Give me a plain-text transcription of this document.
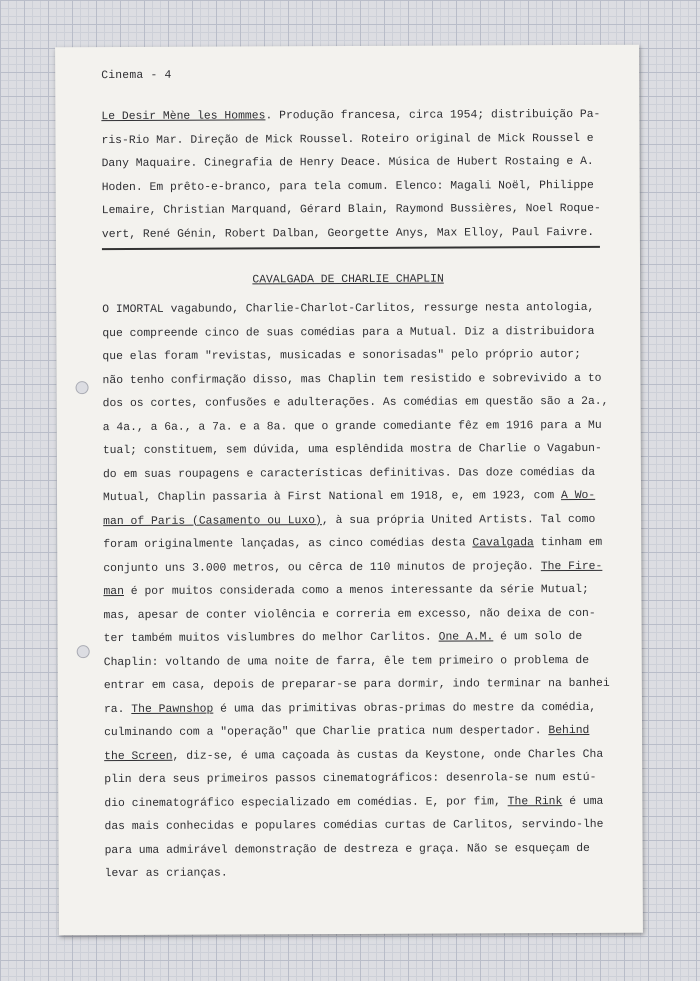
Cinema - 4
Le Desir Mène les Hommes. Produção francesa, circa 1954; distribuição Pa-
ris-Rio Mar. Direção de Mick Roussel. Roteiro original de Mick Roussel e
Dany Maquaire. Cinegrafia de Henry Deace. Música de Hubert Rostaing e A.
Hoden. Em prêto-e-branco, para tela comum. Elenco: Magali Noël, Philippe
Lemaire, Christian Marquand, Gérard Blain, Raymond Bussières, Noel Roque-
vert, René Génin, Robert Dalban, Georgette Anys, Max Elloy, Paul Faivre.
CAVALGADA DE CHARLIE CHAPLIN
O IMORTAL vagabundo, Charlie-Charlot-Carlitos, ressurge nesta antologia,
que compreende cinco de suas comédias para a Mutual. Diz a distribuidora
que elas foram "revistas, musicadas e sonorisadas" pelo próprio autor;
não tenho confirmação disso, mas Chaplin tem resistido e sobrevivido a to
dos os cortes, confusões e adulterações. As comédias em questão são a 2a.,
a 4a., a 6a., a 7a. e a 8a. que o grande comediante fêz em 1916 para a Mu
tual; constituem, sem dúvida, uma esplêndida mostra de Charlie o Vagabun-
do em suas roupagens e características definitivas. Das doze comédias da
Mutual, Chaplin passaria à First National em 1918, e, em 1923, com A Wo-
man of Paris (Casamento ou Luxo), à sua própria United Artists. Tal como
foram originalmente lançadas, as cinco comédias desta Cavalgada tinham em
conjunto uns 3.000 metros, ou cêrca de 110 minutos de projeção. The Fire-
man é por muitos considerada como a menos interessante da série Mutual;
mas, apesar de conter violência e correria em excesso, não deixa de con-
ter também muitos vislumbres do melhor Carlitos. One A.M. é um solo de
Chaplin: voltando de uma noite de farra, êle tem primeiro o problema de
entrar em casa, depois de preparar-se para dormir, indo terminar na banhei
ra. The Pawnshop é uma das primitivas obras-primas do mestre da comédia,
culminando com a "operação" que Charlie pratica num despertador. Behind
the Screen, diz-se, é uma caçoada às custas da Keystone, onde Charles Cha
plin dera seus primeiros passos cinematográficos: desenrola-se num estú-
dio cinematográfico especializado em comédias. E, por fim, The Rink é uma
das mais conhecidas e populares comédias curtas de Carlitos, servindo-lhe
para uma admirável demonstração de destreza e graça. Não se esqueçam de
levar as crianças.
